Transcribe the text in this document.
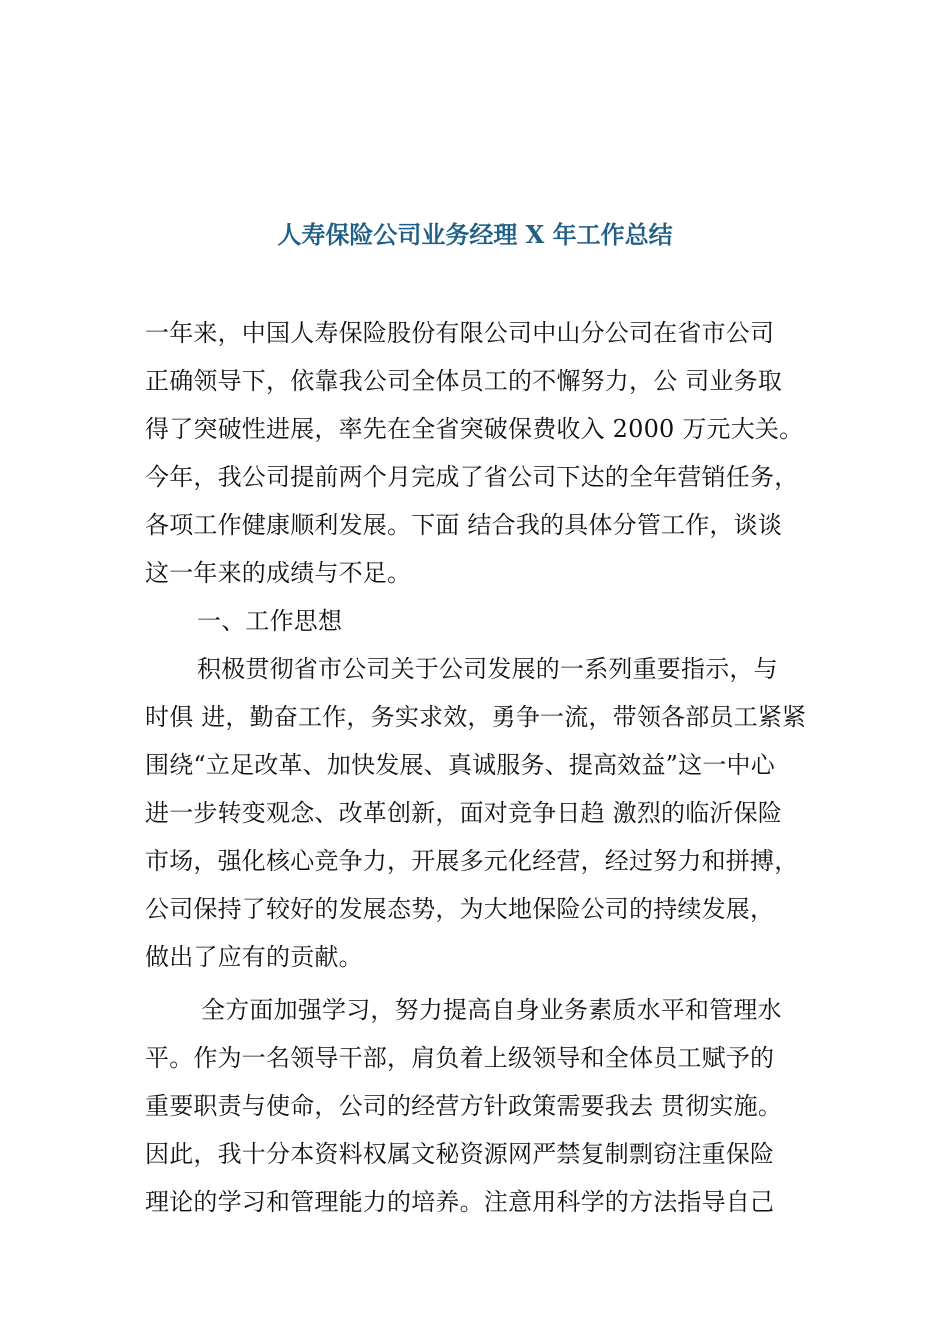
人寿保险公司业务经理 X 年工作总结
一年来，中国人寿保险股份有限公司中山分公司在省市公司
正确领导下，依靠我公司全体员工的不懈努力，公 司业务取
得了突破性进展，率先在全省突破保费收入 2000 万元大关。
今年，我公司提前两个月完成了省公司下达的全年营销任务，
各项工作健康顺利发展。下面 结合我的具体分管工作，谈谈
这一年来的成绩与不足。
一、工作思想
积极贯彻省市公司关于公司发展的一系列重要指示，与
时俱 进，勤奋工作，务实求效，勇争一流，带领各部员工紧紧
围绕“立足改革、加快发展、真诚服务、提高效益”这一中心
进一步转变观念、改革创新，面对竞争日趋 激烈的临沂保险
市场，强化核心竞争力，开展多元化经营，经过努力和拼搏，
公司保持了较好的发展态势，为大地保险公司的持续发展，
做出了应有的贡献。
全方面加强学习，努力提高自身业务素质水平和管理水
平。作为一名领导干部，肩负着上级领导和全体员工赋予的
重要职责与使命，公司的经营方针政策需要我去 贯彻实施。
因此，我十分本资料权属文秘资源网严禁复制剽窃注重保险
理论的学习和管理能力的培养。注意用科学的方法指导自己
